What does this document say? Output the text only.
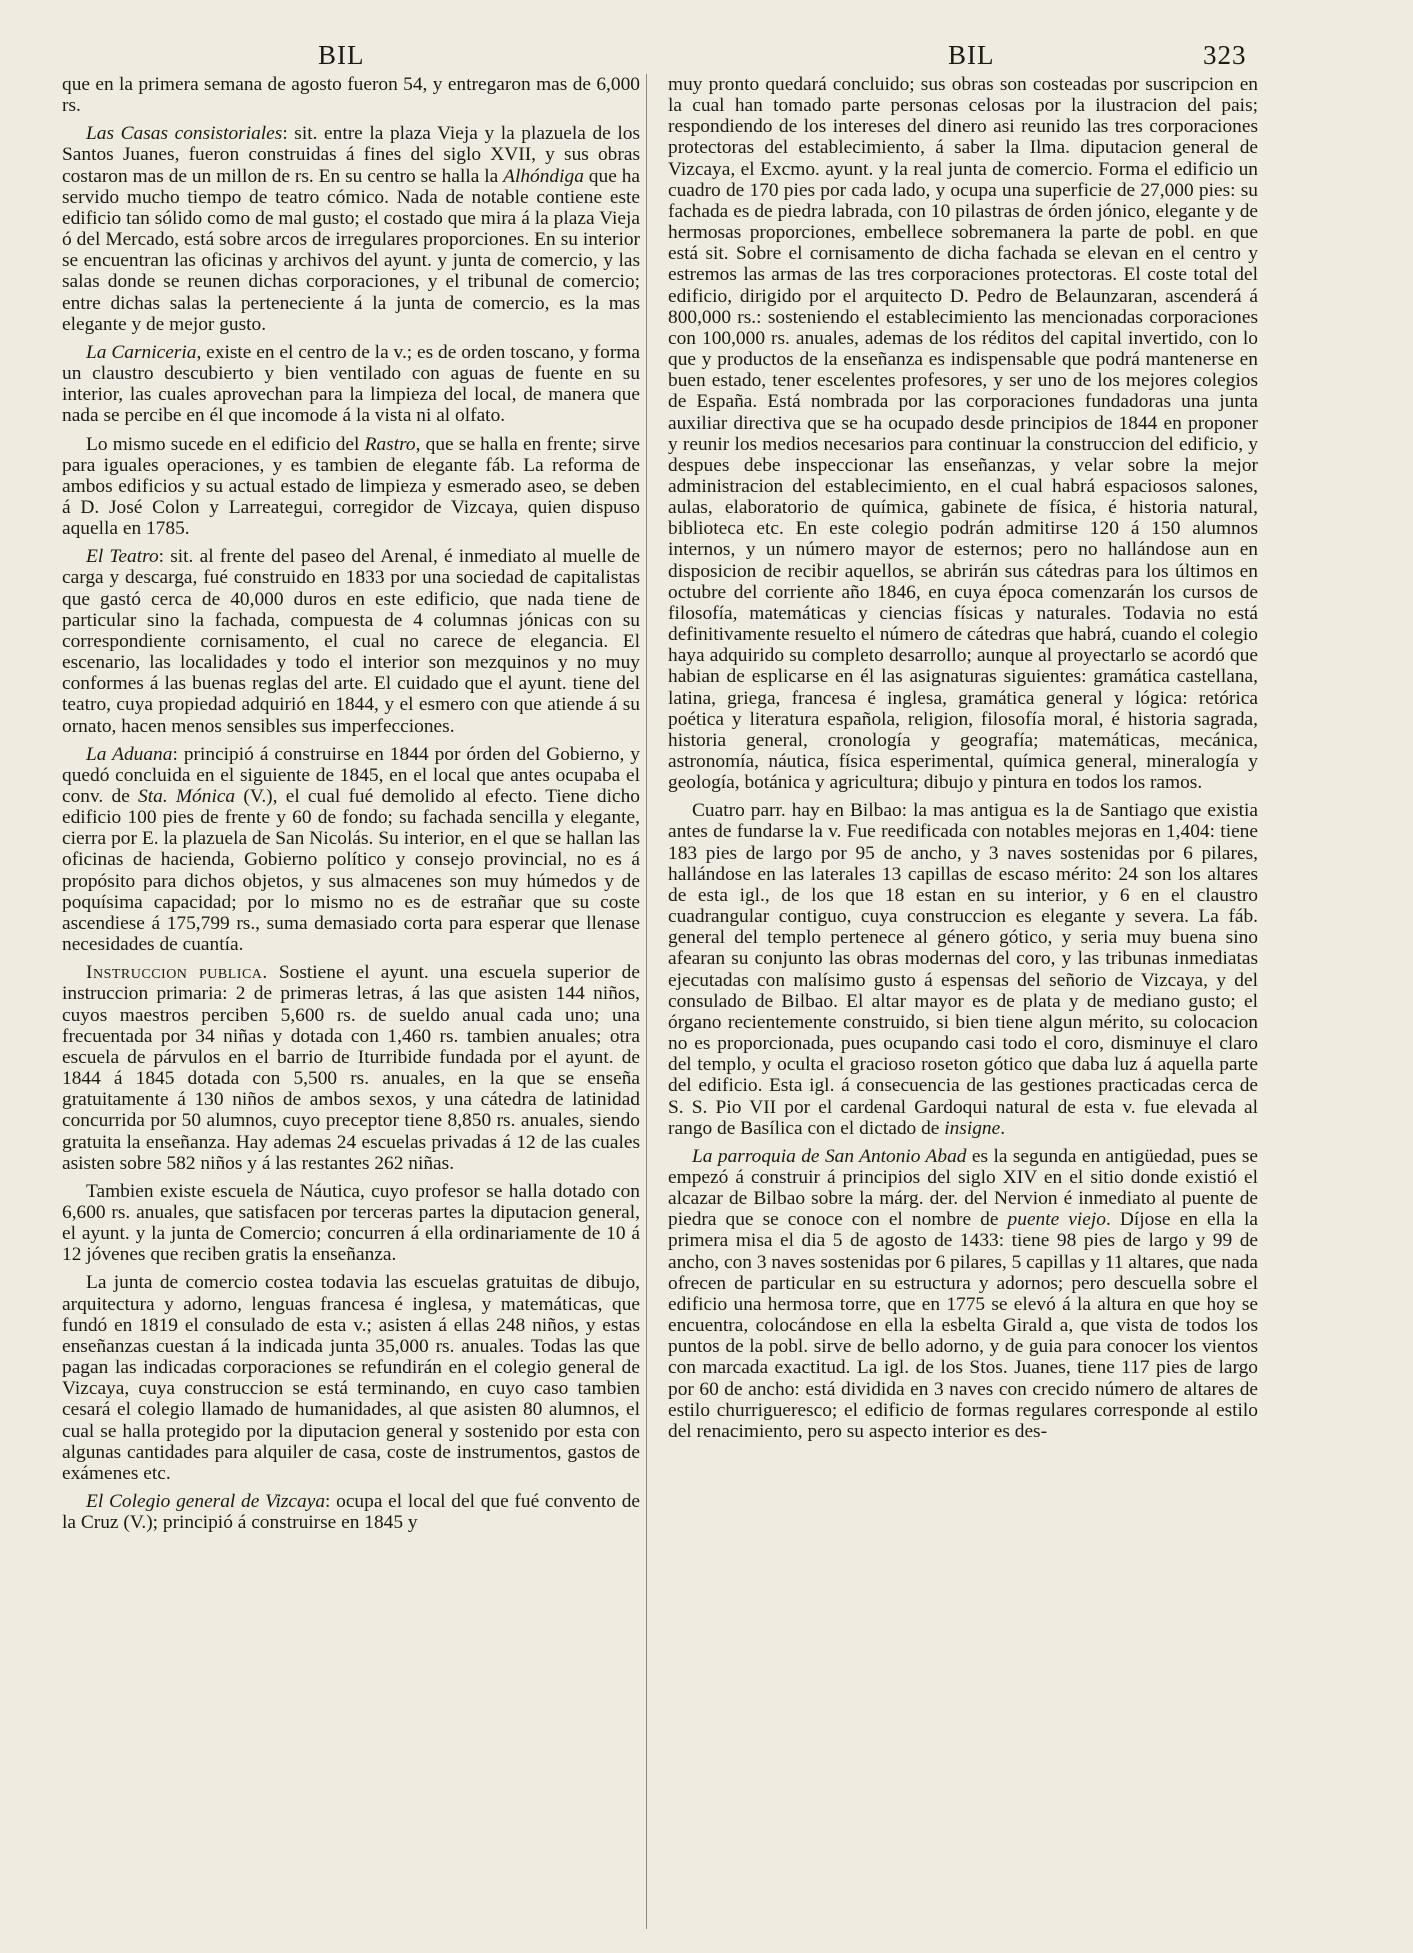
BIL	BIL	323

que en la primera semana de agosto fueron 54, y entregaron mas de 6,000 rs.

Las Casas consistoriales: sit. entre la plaza Vieja y la plazuela de los Santos Juanes, fueron construidas á fines del siglo XVII, y sus obras costaron mas de un millon de rs. En su centro se halla la Alhóndiga que ha servido mucho tiempo de teatro cómico. Nada de notable contiene este edificio tan sólido como de mal gusto; el costado que mira á la plaza Vieja ó del Mercado, está sobre arcos de irregulares proporciones. En su interior se encuentran las oficinas y archivos del ayunt. y junta de comercio, y las salas donde se reunen dichas corporaciones, y el tribunal de comercio; entre dichas salas la perteneciente á la junta de comercio, es la mas elegante y de mejor gusto.

La Carniceria, existe en el centro de la v.; es de orden toscano, y forma un claustro descubierto y bien ventilado con aguas de fuente en su interior, las cuales aprovechan para la limpieza del local, de manera que nada se percibe en él que incomode á la vista ni al olfato.

Lo mismo sucede en el edificio del Rastro, que se halla en frente; sirve para iguales operaciones, y es tambien de elegante fáb. La reforma de ambos edificios y su actual estado de limpieza y esmerado aseo, se deben á D. José Colon y Larreategui, corregidor de Vizcaya, quien dispuso aquella en 1785.

El Teatro: sit. al frente del paseo del Arenal, é inmediato al muelle de carga y descarga, fué construido en 1833 por una sociedad de capitalistas que gastó cerca de 40,000 duros en este edificio, que nada tiene de particular sino la fachada, compuesta de 4 columnas jónicas con su correspondiente cornisamento, el cual no carece de elegancia. El escenario, las localidades y todo el interior son mezquinos y no muy conformes á las buenas reglas del arte. El cuidado que el ayunt. tiene del teatro, cuya propiedad adquirió en 1844, y el esmero con que atiende á su ornato, hacen menos sensibles sus imperfecciones.

La Aduana: principió á construirse en 1844 por órden del Gobierno, y quedó concluida en el siguiente de 1845, en el local que antes ocupaba el conv. de Sta. Mónica (V.), el cual fué demolido al efecto. Tiene dicho edificio 100 pies de frente y 60 de fondo; su fachada sencilla y elegante, cierra por E. la plazuela de San Nicolás. Su interior, en el que se hallan las oficinas de hacienda, Gobierno político y consejo provincial, no es á propósito para dichos objetos, y sus almacenes son muy húmedos y de poquísima capacidad; por lo mismo no es de estrañar que su coste ascendiese á 175,799 rs., suma demasiado corta para esperar que llenase necesidades de cuantía.

Instruccion publica. Sostiene el ayunt. una escuela superior de instruccion primaria: 2 de primeras letras, á las que asisten 144 niños, cuyos maestros perciben 5,600 rs. de sueldo anual cada uno; una frecuentada por 34 niñas y dotada con 1,460 rs. tambien anuales; otra escuela de párvulos en el barrio de Iturribide fundada por el ayunt. de 1844 á 1845 dotada con 5,500 rs. anuales, en la que se enseña gratuitamente á 130 niños de ambos sexos, y una cátedra de latinidad concurrida por 50 alumnos, cuyo preceptor tiene 8,850 rs. anuales, siendo gratuita la enseñanza. Hay ademas 24 escuelas privadas á 12 de las cuales asisten sobre 582 niños y á las restantes 262 niñas.

Tambien existe escuela de Náutica, cuyo profesor se halla dotado con 6,600 rs. anuales, que satisfacen por terceras partes la diputacion general, el ayunt. y la junta de Comercio; concurren á ella ordinariamente de 10 á 12 jóvenes que reciben gratis la enseñanza.

La junta de comercio costea todavia las escuelas gratuitas de dibujo, arquitectura y adorno, lenguas francesa é inglesa, y matemáticas, que fundó en 1819 el consulado de esta v.; asisten á ellas 248 niños, y estas enseñanzas cuestan á la indicada junta 35,000 rs. anuales. Todas las que pagan las indicadas corporaciones se refundirán en el colegio general de Vizcaya, cuya construccion se está terminando, en cuyo caso tambien cesará el colegio llamado de humanidades, al que asisten 80 alumnos, el cual se halla protegido por la diputacion general y sostenido por esta con algunas cantidades para alquiler de casa, coste de instrumentos, gastos de exámenes etc.

El Colegio general de Vizcaya: ocupa el local del que fué convento de la Cruz (V.); principió á construirse en 1845 y

muy pronto quedará concluido; sus obras son costeadas por suscripcion en la cual han tomado parte personas celosas por la ilustracion del pais; respondiendo de los intereses del dinero asi reunido las tres corporaciones protectoras del establecimiento, á saber la Ilma. diputacion general de Vizcaya, el Excmo. ayunt. y la real junta de comercio. Forma el edificio un cuadro de 170 pies por cada lado, y ocupa una superficie de 27,000 pies: su fachada es de piedra labrada, con 10 pilastras de órden jónico, elegante y de hermosas proporciones, embellece sobremanera la parte de pobl. en que está sit. Sobre el cornisamento de dicha fachada se elevan en el centro y estremos las armas de las tres corporaciones protectoras. El coste total del edificio, dirigido por el arquitecto D. Pedro de Belaunzaran, ascenderá á 800,000 rs.: sosteniendo el establecimiento las mencionadas corporaciones con 100,000 rs. anuales, ademas de los réditos del capital invertido, con lo que y productos de la enseñanza es indispensable que podrá mantenerse en buen estado, tener escelentes profesores, y ser uno de los mejores colegios de España. Está nombrada por las corporaciones fundadoras una junta auxiliar directiva que se ha ocupado desde principios de 1844 en proponer y reunir los medios necesarios para continuar la construccion del edificio, y despues debe inspeccionar las enseñanzas, y velar sobre la mejor administracion del establecimiento, en el cual habrá espaciosos salones, aulas, elaboratorio de química, gabinete de física, é historia natural, biblioteca etc. En este colegio podrán admitirse 120 á 150 alumnos internos, y un número mayor de esternos; pero no hallándose aun en disposicion de recibir aquellos, se abrirán sus cátedras para los últimos en octubre del corriente año 1846, en cuya época comenzarán los cursos de filosofía, matemáticas y ciencias físicas y naturales. Todavia no está definitivamente resuelto el número de cátedras que habrá, cuando el colegio haya adquirido su completo desarrollo; aunque al proyectarlo se acordó que habian de esplicarse en él las asignaturas siguientes: gramática castellana, latina, griega, francesa é inglesa, gramática general y lógica: retórica poética y literatura española, religion, filosofía moral, é historia sagrada, historia general, cronología y geografía; matemáticas, mecánica, astronomía, náutica, física esperimental, química general, mineralogía y geología, botánica y agricultura; dibujo y pintura en todos los ramos.

Cuatro parr. hay en Bilbao: la mas antigua es la de Santiago que existia antes de fundarse la v. Fue reedificada con notables mejoras en 1,404: tiene 183 pies de largo por 95 de ancho, y 3 naves sostenidas por 6 pilares, hallándose en las laterales 13 capillas de escaso mérito: 24 son los altares de esta igl., de los que 18 estan en su interior, y 6 en el claustro cuadrangular contiguo, cuya construccion es elegante y severa. La fáb. general del templo pertenece al género gótico, y seria muy buena sino afearan su conjunto las obras modernas del coro, y las tribunas inmediatas ejecutadas con malísimo gusto á espensas del señorio de Vizcaya, y del consulado de Bilbao. El altar mayor es de plata y de mediano gusto; el órgano recientemente construido, si bien tiene algun mérito, su colocacion no es proporcionada, pues ocupando casi todo el coro, disminuye el claro del templo, y oculta el gracioso roseton gótico que daba luz á aquella parte del edificio. Esta igl. á consecuencia de las gestiones practicadas cerca de S. S. Pio VII por el cardenal Gardoqui natural de esta v. fue elevada al rango de Basílica con el dictado de insigne.

La parroquia de San Antonio Abad es la segunda en antigüedad, pues se empezó á construir á principios del siglo XIV en el sitio donde existió el alcazar de Bilbao sobre la márg. der. del Nervion é inmediato al puente de piedra que se conoce con el nombre de puente viejo. Díjose en ella la primera misa el dia 5 de agosto de 1433: tiene 98 pies de largo y 99 de ancho, con 3 naves sostenidas por 6 pilares, 5 capillas y 11 altares, que nada ofrecen de particular en su estructura y adornos; pero descuella sobre el edificio una hermosa torre, que en 1775 se elevó á la altura en que hoy se encuentra, colocándose en ella la esbelta Girald a, que vista de todos los puntos de la pobl. sirve de bello adorno, y de guia para conocer los vientos con marcada exactitud. La igl. de los Stos. Juanes, tiene 117 pies de largo por 60 de ancho: está dividida en 3 naves con crecido número de altares de estilo churrigueresco; el edificio de formas regulares corresponde al estilo del renacimiento, pero su aspecto interior es des-
